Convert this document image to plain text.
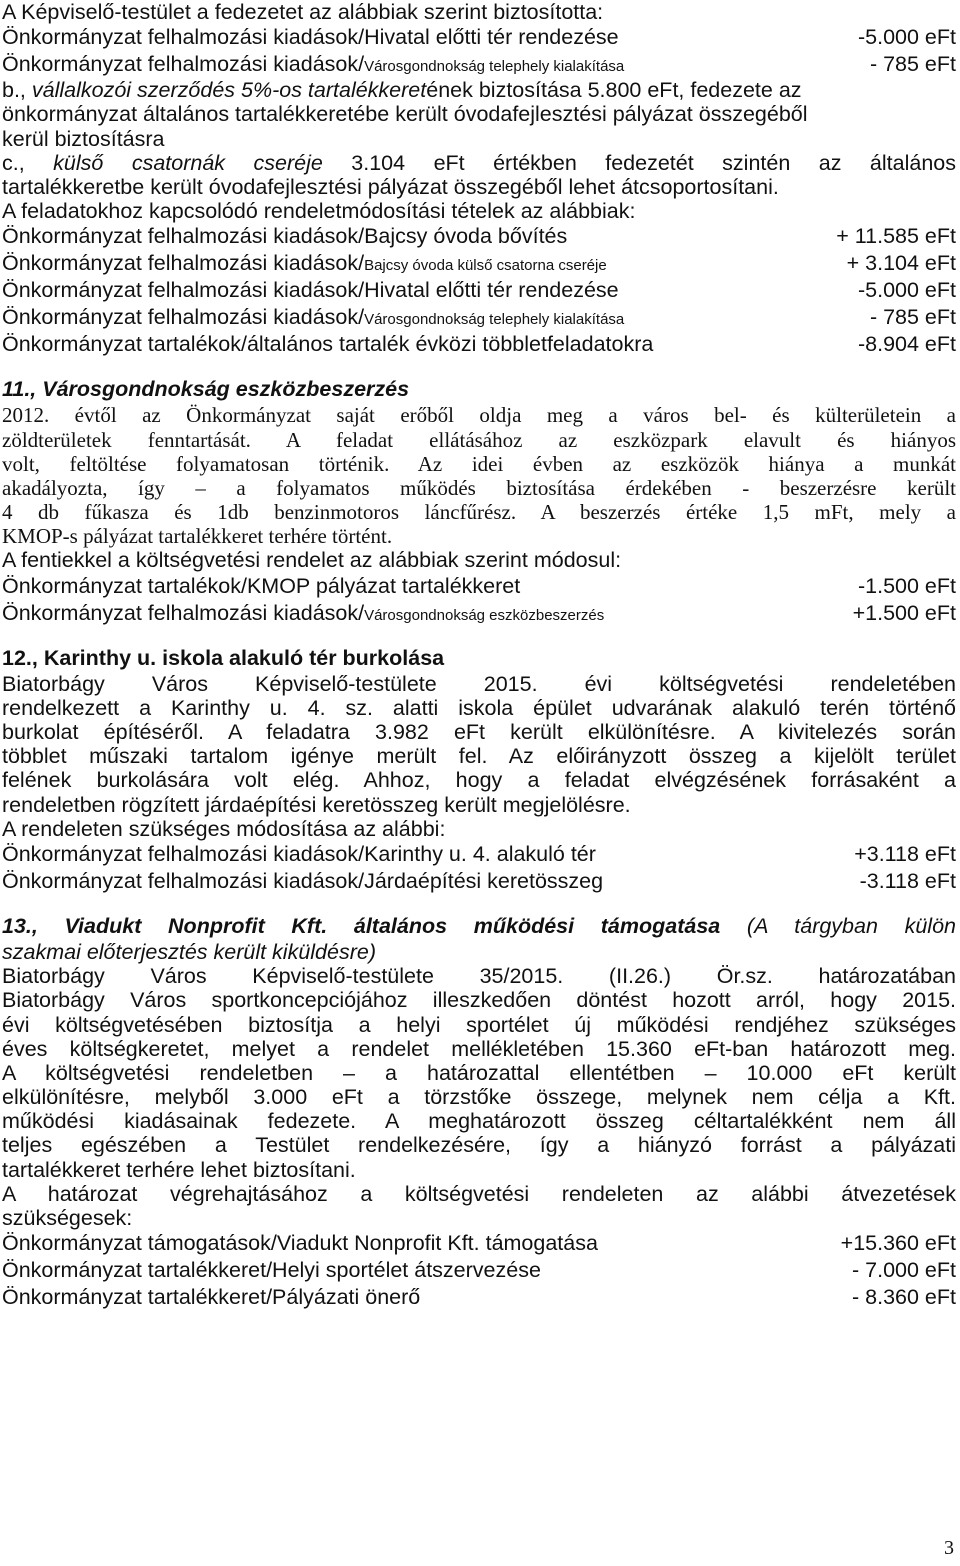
A Képviselő-testület a fedezetet az alábbiak szerint biztosította:
Önkormányzat felhalmozási kiadások/Hivatal előtti tér rendezése	-5.000 eFt
Önkormányzat felhalmozási kiadások/Városgondnokság telephely kialakítása	- 785 eFt
b., vállalkozói szerződés 5%-os tartalékkeretének biztosítása 5.800 eFt, fedezete az
önkormányzat általános tartalékkeretébe került óvodafejlesztési pályázat összegéből
kerül biztosításra
c., külső csatornák cseréje 3.104 eFt értékben fedezetét szintén az általános
tartalékkeretbe került óvodafejlesztési pályázat összegéből lehet átcsoportosítani.
A feladatokhoz kapcsolódó rendeletmódosítási tételek az alábbiak:
Önkormányzat felhalmozási kiadások/Bajcsy óvoda bővítés	+ 11.585 eFt
Önkormányzat felhalmozási kiadások/Bajcsy óvoda külső csatorna cseréje	+ 3.104 eFt
Önkormányzat felhalmozási kiadások/Hivatal előtti tér rendezése	-5.000 eFt
Önkormányzat felhalmozási kiadások/Városgondnokság telephely kialakítása	- 785 eFt
Önkormányzat tartalékok/általános tartalék évközi többletfeladatokra	-8.904 eFt
11., Városgondnokság eszközbeszerzés
2012. évtől az Önkormányzat saját erőből oldja meg a város bel- és külterületein a
zöldterületek fenntartását. A feladat ellátásához az eszközpark elavult és hiányos
volt, feltöltése folyamatosan történik. Az idei évben az eszközök hiánya a munkát
akadályozta, így – a folyamatos működés biztosítása érdekében - beszerzésre került
4 db fűkasza és 1db benzinmotoros láncfűrész. A beszerzés értéke 1,5 mFt, mely a
KMOP-s pályázat tartalékkeret terhére történt.
A fentiekkel a költségvetési rendelet az alábbiak szerint módosul:
Önkormányzat tartalékok/KMOP pályázat tartalékkeret	-1.500 eFt
Önkormányzat felhalmozási kiadások/Városgondnokság eszközbeszerzés	+1.500 eFt
12., Karinthy u. iskola alakuló tér burkolása
Biatorbágy Város Képviselő-testülete 2015. évi költségvetési rendeletében
rendelkezett a Karinthy u. 4. sz. alatti iskola épület udvarának alakuló terén történő
burkolat építéséről. A feladatra 3.982 eFt került elkülönítésre. A kivitelezés során
többlet műszaki tartalom igénye merült fel. Az előirányzott összeg a kijelölt terület
felének burkolására volt elég. Ahhoz, hogy a feladat elvégzésének forrásaként a
rendeletben rögzített járdaépítési keretösszeg került megjelölésre.
A rendeleten szükséges módosítása az alábbi:
Önkormányzat felhalmozási kiadások/Karinthy u. 4. alakuló tér	+3.118 eFt
Önkormányzat felhalmozási kiadások/Járdaépítési keretösszeg	-3.118 eFt
13., Viadukt Nonprofit Kft. általános működési támogatása (A tárgyban külön
szakmai előterjesztés került kiküldésre)
Biatorbágy Város Képviselő-testülete 35/2015. (II.26.) Ör.sz. határozatában
Biatorbágy Város sportkoncepciójához illeszkedően döntést hozott arról, hogy 2015.
évi költségvetésében biztosítja a helyi sportélet új működési rendjéhez szükséges
éves költségkeretet, melyet a rendelet mellékletében 15.360 eFt-ban határozott meg.
A költségvetési rendeletben – a határozattal ellentétben – 10.000 eFt került
elkülönítésre, melyből 3.000 eFt a törzstőke összege, melynek nem célja a Kft.
működési kiadásainak fedezete. A meghatározott összeg céltartalékként nem áll
teljes egészében a Testület rendelkezésére, így a hiányzó forrást a pályázati
tartalékkeret terhére lehet biztosítani.
A határozat végrehajtásához a költségvetési rendeleten az alábbi átvezetések
szükségesek:
Önkormányzat támogatások/Viadukt Nonprofit Kft. támogatása	+15.360 eFt
Önkormányzat tartalékkeret/Helyi sportélet átszervezése	- 7.000 eFt
Önkormányzat tartalékkeret/Pályázati önerő	- 8.360 eFt
3
